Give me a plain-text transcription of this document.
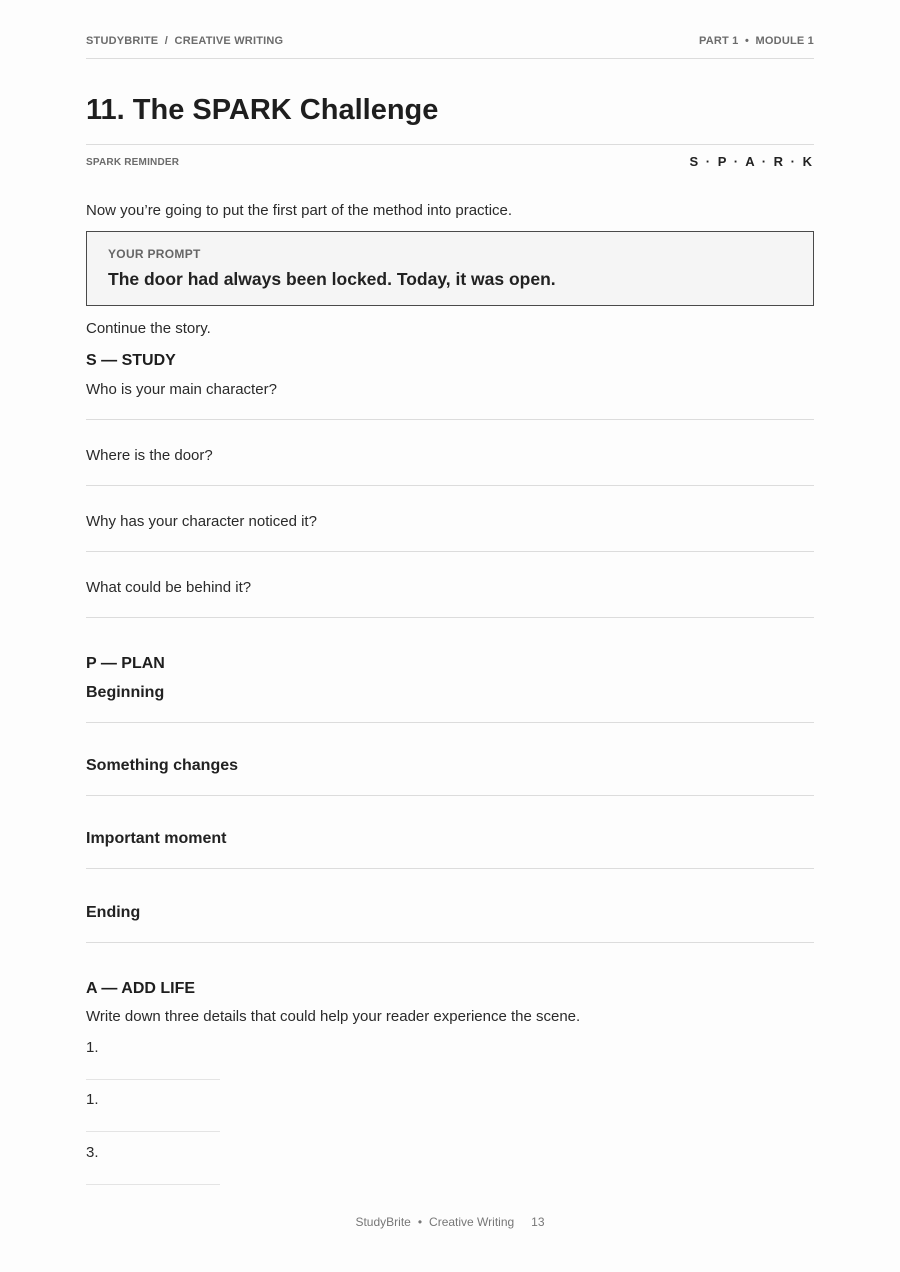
STUDYBRITE  /  CREATIVE WRITING	PART 1  •  MODULE 1
11. The SPARK Challenge
SPARK REMINDER	S · P · A · R · K
Now you’re going to put the first part of the method into practice.
YOUR PROMPT
The door had always been locked. Today, it was open.
Continue the story.
S — STUDY
Who is your main character?
Where is the door?
Why has your character noticed it?
What could be behind it?
P — PLAN
Beginning
Something changes
Important moment
Ending
A — ADD LIFE
Write down three details that could help your reader experience the scene.
1.
1.
3.
StudyBrite • Creative Writing 13
